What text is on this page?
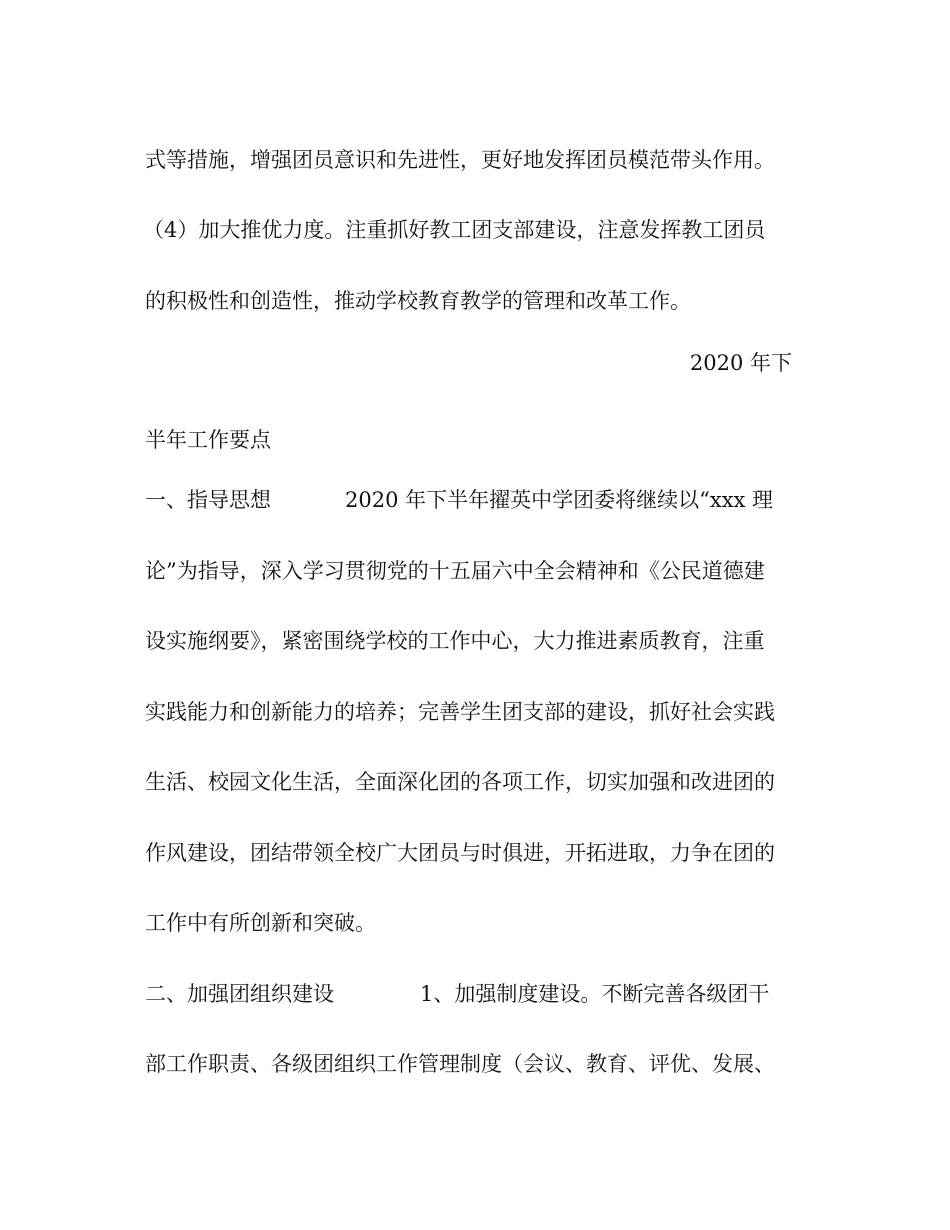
式等措施，增强团员意识和先进性，更好地发挥团员模范带头作用。
（4）加大推优力度。注重抓好教工团支部建设，注意发挥教工团员
的积极性和创造性，推动学校教育教学的管理和改革工作。
2020 年下
半年工作要点
一、指导思想	2020 年下半年擢英中学团委将继续以“xxx 理
论”为指导，深入学习贯彻党的十五届六中全会精神和《公民道德建
设实施纲要》，紧密围绕学校的工作中心，大力推进素质教育，注重
实践能力和创新能力的培养；完善学生团支部的建设，抓好社会实践
生活、校园文化生活，全面深化团的各项工作，切实加强和改进团的
作风建设，团结带领全校广大团员与时俱进，开拓进取，力争在团的
工作中有所创新和突破。
二、加强团组织建设	1、加强制度建设。不断完善各级团干
部工作职责、各级团组织工作管理制度（会议、教育、评优、发展、
